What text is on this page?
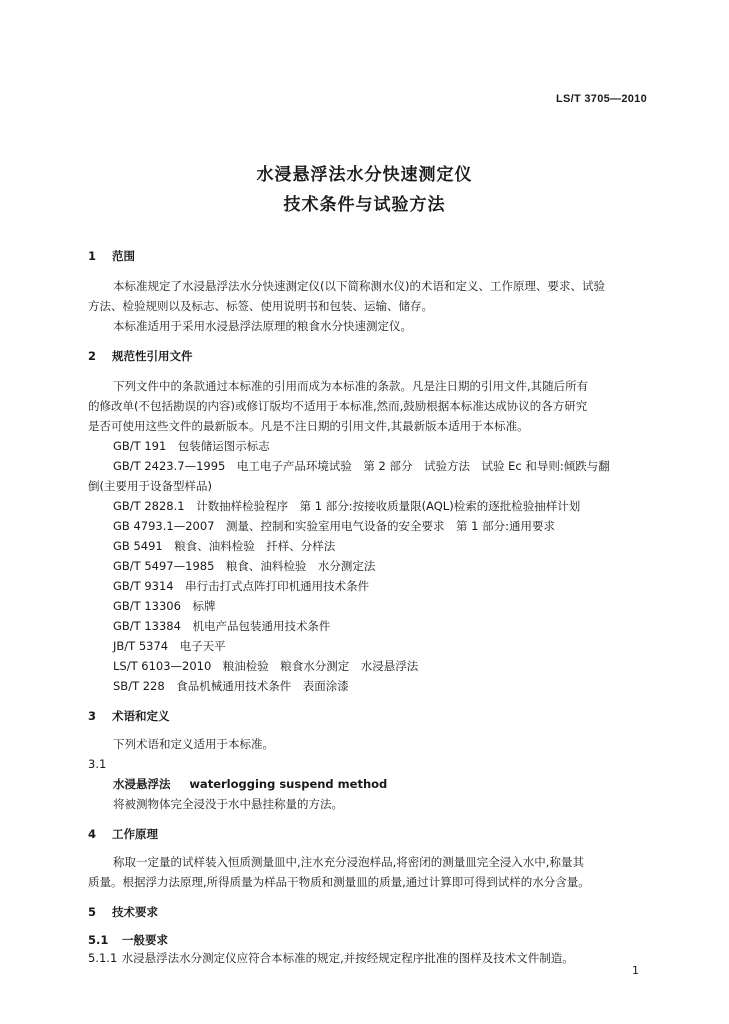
LS/T 3705—2010
水浸悬浮法水分快速测定仪
技术条件与试验方法
1 范围
本标准规定了水浸悬浮法水分快速测定仪(以下简称测水仪)的术语和定义、工作原理、要求、试验
方法、检验规则以及标志、标签、使用说明书和包装、运输、储存。
本标准适用于采用水浸悬浮法原理的粮食水分快速测定仪。
2 规范性引用文件
下列文件中的条款通过本标准的引用而成为本标准的条款。凡是注日期的引用文件,其随后所有
的修改单(不包括勘误的内容)或修订版均不适用于本标准,然而,鼓励根据本标准达成协议的各方研究
是否可使用这些文件的最新版本。凡是不注日期的引用文件,其最新版本适用于本标准。
GB/T 191　包装储运图示标志
GB/T 2423.7—1995　电工电子产品环境试验　第 2 部分　试验方法　试验 Ec 和导则:倾跌与翻
倒(主要用于设备型样品)
GB/T 2828.1　计数抽样检验程序　第 1 部分:按接收质量限(AQL)检索的逐批检验抽样计划
GB 4793.1—2007　测量、控制和实验室用电气设备的安全要求　第 1 部分:通用要求
GB 5491　粮食、油料检验　扦样、分样法
GB/T 5497—1985　粮食、油料检验　水分测定法
GB/T 9314　串行击打式点阵打印机通用技术条件
GB/T 13306　标牌
GB/T 13384　机电产品包装通用技术条件
JB/T 5374　电子天平
LS/T 6103—2010　粮油检验　粮食水分测定　水浸悬浮法
SB/T 228　食品机械通用技术条件　表面涂漆
3 术语和定义
下列术语和定义适用于本标准。
3.1
水浸悬浮法 　 waterlogging suspend method
将被测物体完全浸没于水中悬挂称量的方法。
4 工作原理
称取一定量的试样装入恒质测量皿中,注水充分浸泡样品,将密闭的测量皿完全浸入水中,称量其
质量。根据浮力法原理,所得质量为样品干物质和测量皿的质量,通过计算即可得到试样的水分含量。
5 技术要求
5.1 一般要求
5.1.1 水浸悬浮法水分测定仪应符合本标准的规定,并按经规定程序批准的图样及技术文件制造。
1
